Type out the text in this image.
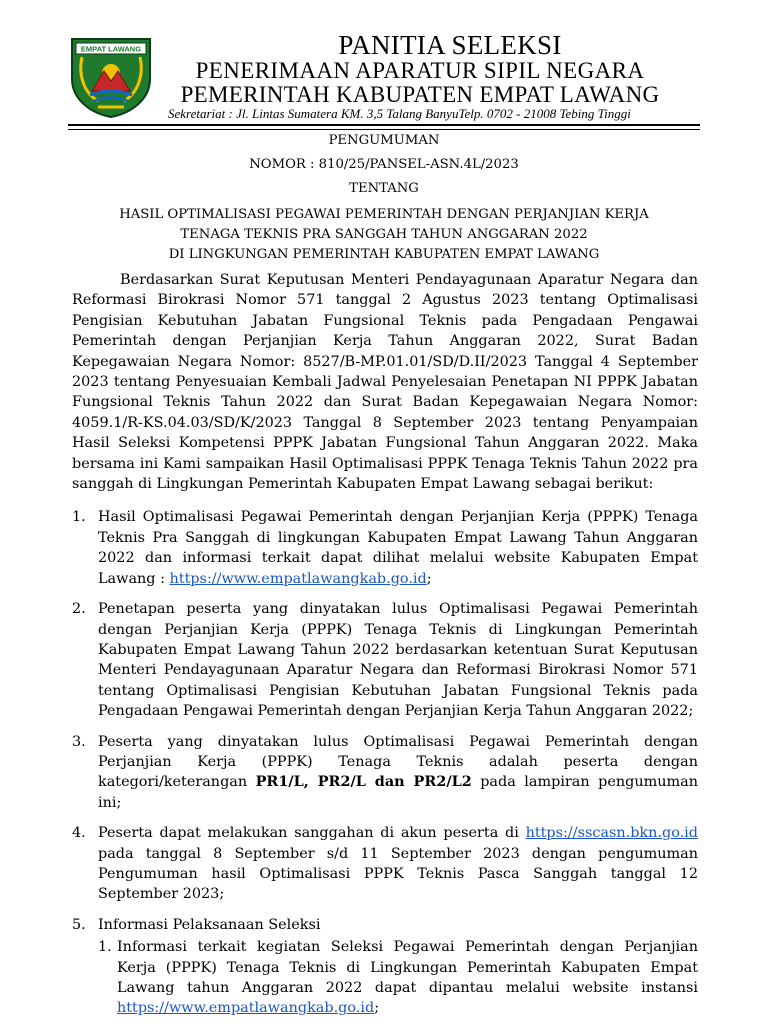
EMPAT LAWANG	PANITIA SELEKSI
PENERIMAAN APARATUR SIPIL NEGARA
PEMERINTAH KABUPATEN EMPAT LAWANG
Sekretariat : Jl. Lintas Sumatera KM. 3,5 Talang BanyuTelp. 0702 - 21008 Tebing Tinggi
PENGUMUMAN
NOMOR : 810/25/PANSEL-ASN.4L/2023
TENTANG
HASIL OPTIMALISASI PEGAWAI PEMERINTAH DENGAN PERJANJIAN KERJA
TENAGA TEKNIS PRA SANGGAH TAHUN ANGGARAN 2022
DI LINGKUNGAN PEMERINTAH KABUPATEN EMPAT LAWANG

Berdasarkan Surat Keputusan Menteri Pendayagunaan Aparatur Negara dan Reformasi Birokrasi Nomor 571 tanggal 2 Agustus 2023 tentang Optimalisasi Pengisian Kebutuhan Jabatan Fungsional Teknis pada Pengadaan Pengawai Pemerintah dengan Perjanjian Kerja Tahun Anggaran 2022, Surat Badan Kepegawaian Negara Nomor: 8527/B-MP.01.01/SD/D.II/2023 Tanggal 4 September 2023 tentang Penyesuaian Kembali Jadwal Penyelesaian Penetapan NI PPPK Jabatan Fungsional Teknis Tahun 2022 dan Surat Badan Kepegawaian Negara Nomor: 4059.1/R-KS.04.03/SD/K/2023 Tanggal 8 September 2023 tentang Penyampaian Hasil Seleksi Kompetensi PPPK Jabatan Fungsional Tahun Anggaran 2022. Maka bersama ini Kami sampaikan Hasil Optimalisasi PPPK Tenaga Teknis Tahun 2022 pra sanggah di Lingkungan Pemerintah Kabupaten Empat Lawang sebagai berikut:

1. Hasil Optimalisasi Pegawai Pemerintah dengan Perjanjian Kerja (PPPK) Tenaga Teknis Pra Sanggah di lingkungan Kabupaten Empat Lawang Tahun Anggaran 2022 dan informasi terkait dapat dilihat melalui website Kabupaten Empat Lawang : https://www.empatlawangkab.go.id;
2. Penetapan peserta yang dinyatakan lulus Optimalisasi Pegawai Pemerintah dengan Perjanjian Kerja (PPPK) Tenaga Teknis di Lingkungan Pemerintah Kabupaten Empat Lawang Tahun 2022 berdasarkan ketentuan Surat Keputusan Menteri Pendayagunaan Aparatur Negara dan Reformasi Birokrasi Nomor 571 tentang Optimalisasi Pengisian Kebutuhan Jabatan Fungsional Teknis pada Pengadaan Pengawai Pemerintah dengan Perjanjian Kerja Tahun Anggaran 2022;
3. Peserta yang dinyatakan lulus Optimalisasi Pegawai Pemerintah dengan Perjanjian Kerja (PPPK) Tenaga Teknis adalah peserta dengan kategori/keterangan PR1/L, PR2/L dan PR2/L2 pada lampiran pengumuman ini;
4. Peserta dapat melakukan sanggahan di akun peserta di https://sscasn.bkn.go.id pada tanggal 8 September s/d 11 September 2023 dengan pengumuman Pengumuman hasil Optimalisasi PPPK Teknis Pasca Sanggah tanggal 12 September 2023;
5. Informasi Pelaksanaan Seleksi
1. Informasi terkait kegiatan Seleksi Pegawai Pemerintah dengan Perjanjian Kerja (PPPK) Tenaga Teknis di Lingkungan Pemerintah Kabupaten Empat Lawang tahun Anggaran 2022 dapat dipantau melalui website instansi https://www.empatlawangkab.go.id;
